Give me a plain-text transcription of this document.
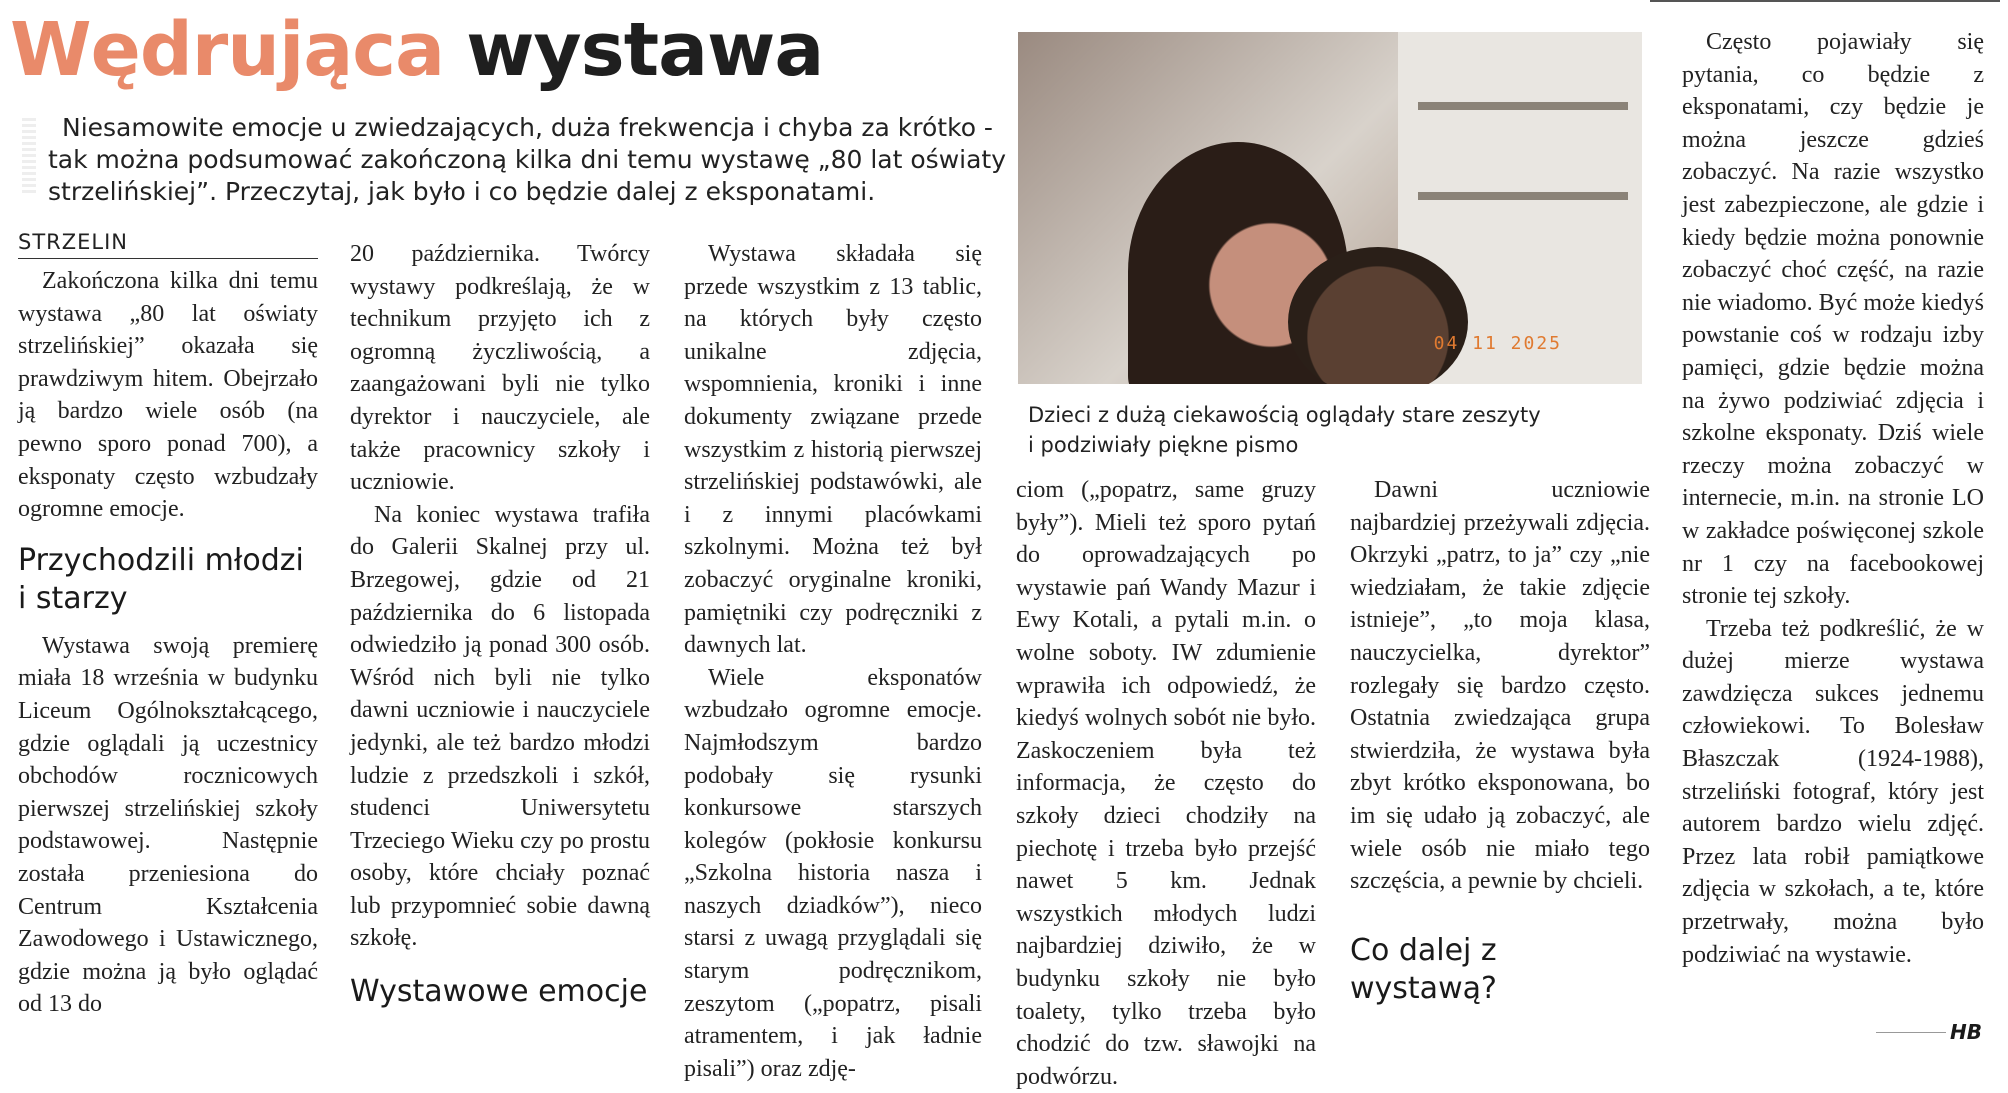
Wędrująca wystawa
Niesamowite emocje u zwiedzających, duża frekwencja i chyba za krótko -
tak można podsumować zakończoną kilka dni temu wystawę „80 lat oświaty
strzelińskiej”. Przeczytaj, jak było i co będzie dalej z eksponatami.
STRZELIN

Zakończona kilka dni temu wystawa „80 lat oświaty strzelińskiej” okazała się prawdziwym hitem. Obejrzało ją bardzo wiele osób (na pewno sporo ponad 700), a eksponaty często wzbudzały ogromne emocje.

Przychodzili młodzi i starzy

Wystawa swoją premierę miała 18 września w budynku Liceum Ogólnokształcącego, gdzie oglądali ją uczestnicy obchodów rocznicowych pierwszej strzelińskiej szkoły podstawowej. Następnie została przeniesiona do Centrum Kształcenia Zawodowego i Ustawicznego, gdzie można ją było oglądać od 13 do

20 października. Twórcy wystawy podkreślają, że w technikum przyjęto ich z ogromną życzliwością, a zaangażowani byli nie tylko dyrektor i nauczyciele, ale także pracownicy szkoły i uczniowie.

Na koniec wystawa trafiła do Galerii Skalnej przy ul. Brzegowej, gdzie od 21 października do 6 listopada odwiedziło ją ponad 300 osób. Wśród nich byli nie tylko dawni uczniowie i nauczyciele jedynki, ale też bardzo młodzi ludzie z przedszkoli i szkół, studenci Uniwersytetu Trzeciego Wieku czy po prostu osoby, które chciały poznać lub przypomnieć sobie dawną szkołę.

Wystawowe emocje

Wystawa składała się przede wszystkim z 13 tablic, na których były często unikalne zdjęcia, wspomnienia, kroniki i inne dokumenty związane przede wszystkim z historią pierwszej strzelińskiej podstawówki, ale i z innymi placówkami szkolnymi. Można też był zobaczyć oryginalne kroniki, pamiętniki czy podręczniki z dawnych lat.

Wiele eksponatów wzbudzało ogromne emocje. Najmłodszym bardzo podobały się rysunki konkursowe starszych kolegów (pokłosie konkursu „Szkolna historia nasza i naszych dziadków”), nieco starsi z uwagą przyglądali się starym podręcznikom, zeszytom („popatrz, pisali atramentem, i jak ładnie pisali”) oraz zdję-

04 11 2025
Dzieci z dużą ciekawością oglądały stare zeszyty
i podziwiały piękne pismo

ciom („popatrz, same gruzy były”). Mieli też sporo pytań do oprowadzających po wystawie pań Wandy Mazur i Ewy Kotali, a pytali m.in. o wolne soboty. IW zdumienie wprawiła ich odpowiedź, że kiedyś wolnych sobót nie było. Zaskoczeniem była też informacja, że często do szkoły dzieci chodziły na piechotę i trzeba było przejść nawet 5 km. Jednak wszystkich młodych ludzi najbardziej dziwiło, że w budynku szkoły nie było toalety, tylko trzeba było chodzić do tzw. sławojki na podwórzu.

Dawni uczniowie najbardziej przeżywali zdjęcia. Okrzyki „patrz, to ja” czy „nie wiedziałam, że takie zdjęcie istnieje”, „to moja klasa, nauczycielka, dyrektor” rozlegały się bardzo często. Ostatnia zwiedzająca grupa stwierdziła, że wystawa była zbyt krótko eksponowana, bo im się udało ją zobaczyć, ale wiele osób nie miało tego szczęścia, a pewnie by chcieli.

Co dalej z wystawą?

Często pojawiały się pytania, co będzie z eksponatami, czy będzie je można jeszcze gdzieś zobaczyć. Na razie wszystko jest zabezpieczone, ale gdzie i kiedy będzie można ponownie zobaczyć choć część, na razie nie wiadomo. Być może kiedyś powstanie coś w rodzaju izby pamięci, gdzie będzie można na żywo podziwiać zdjęcia i szkolne eksponaty. Dziś wiele rzeczy można zobaczyć w internecie, m.in. na stronie LO w zakładce poświęconej szkole nr 1 czy na facebookowej stronie tej szkoły.

Trzeba też podkreślić, że w dużej mierze wystawa zawdzięcza sukces jednemu człowiekowi. To Bolesław Błaszczak (1924-1988), strzeliński fotograf, który jest autorem bardzo wielu zdjęć. Przez lata robił pamiątkowe zdjęcia w szkołach, a te, które przetrwały, można było podziwiać na wystawie.

HB
